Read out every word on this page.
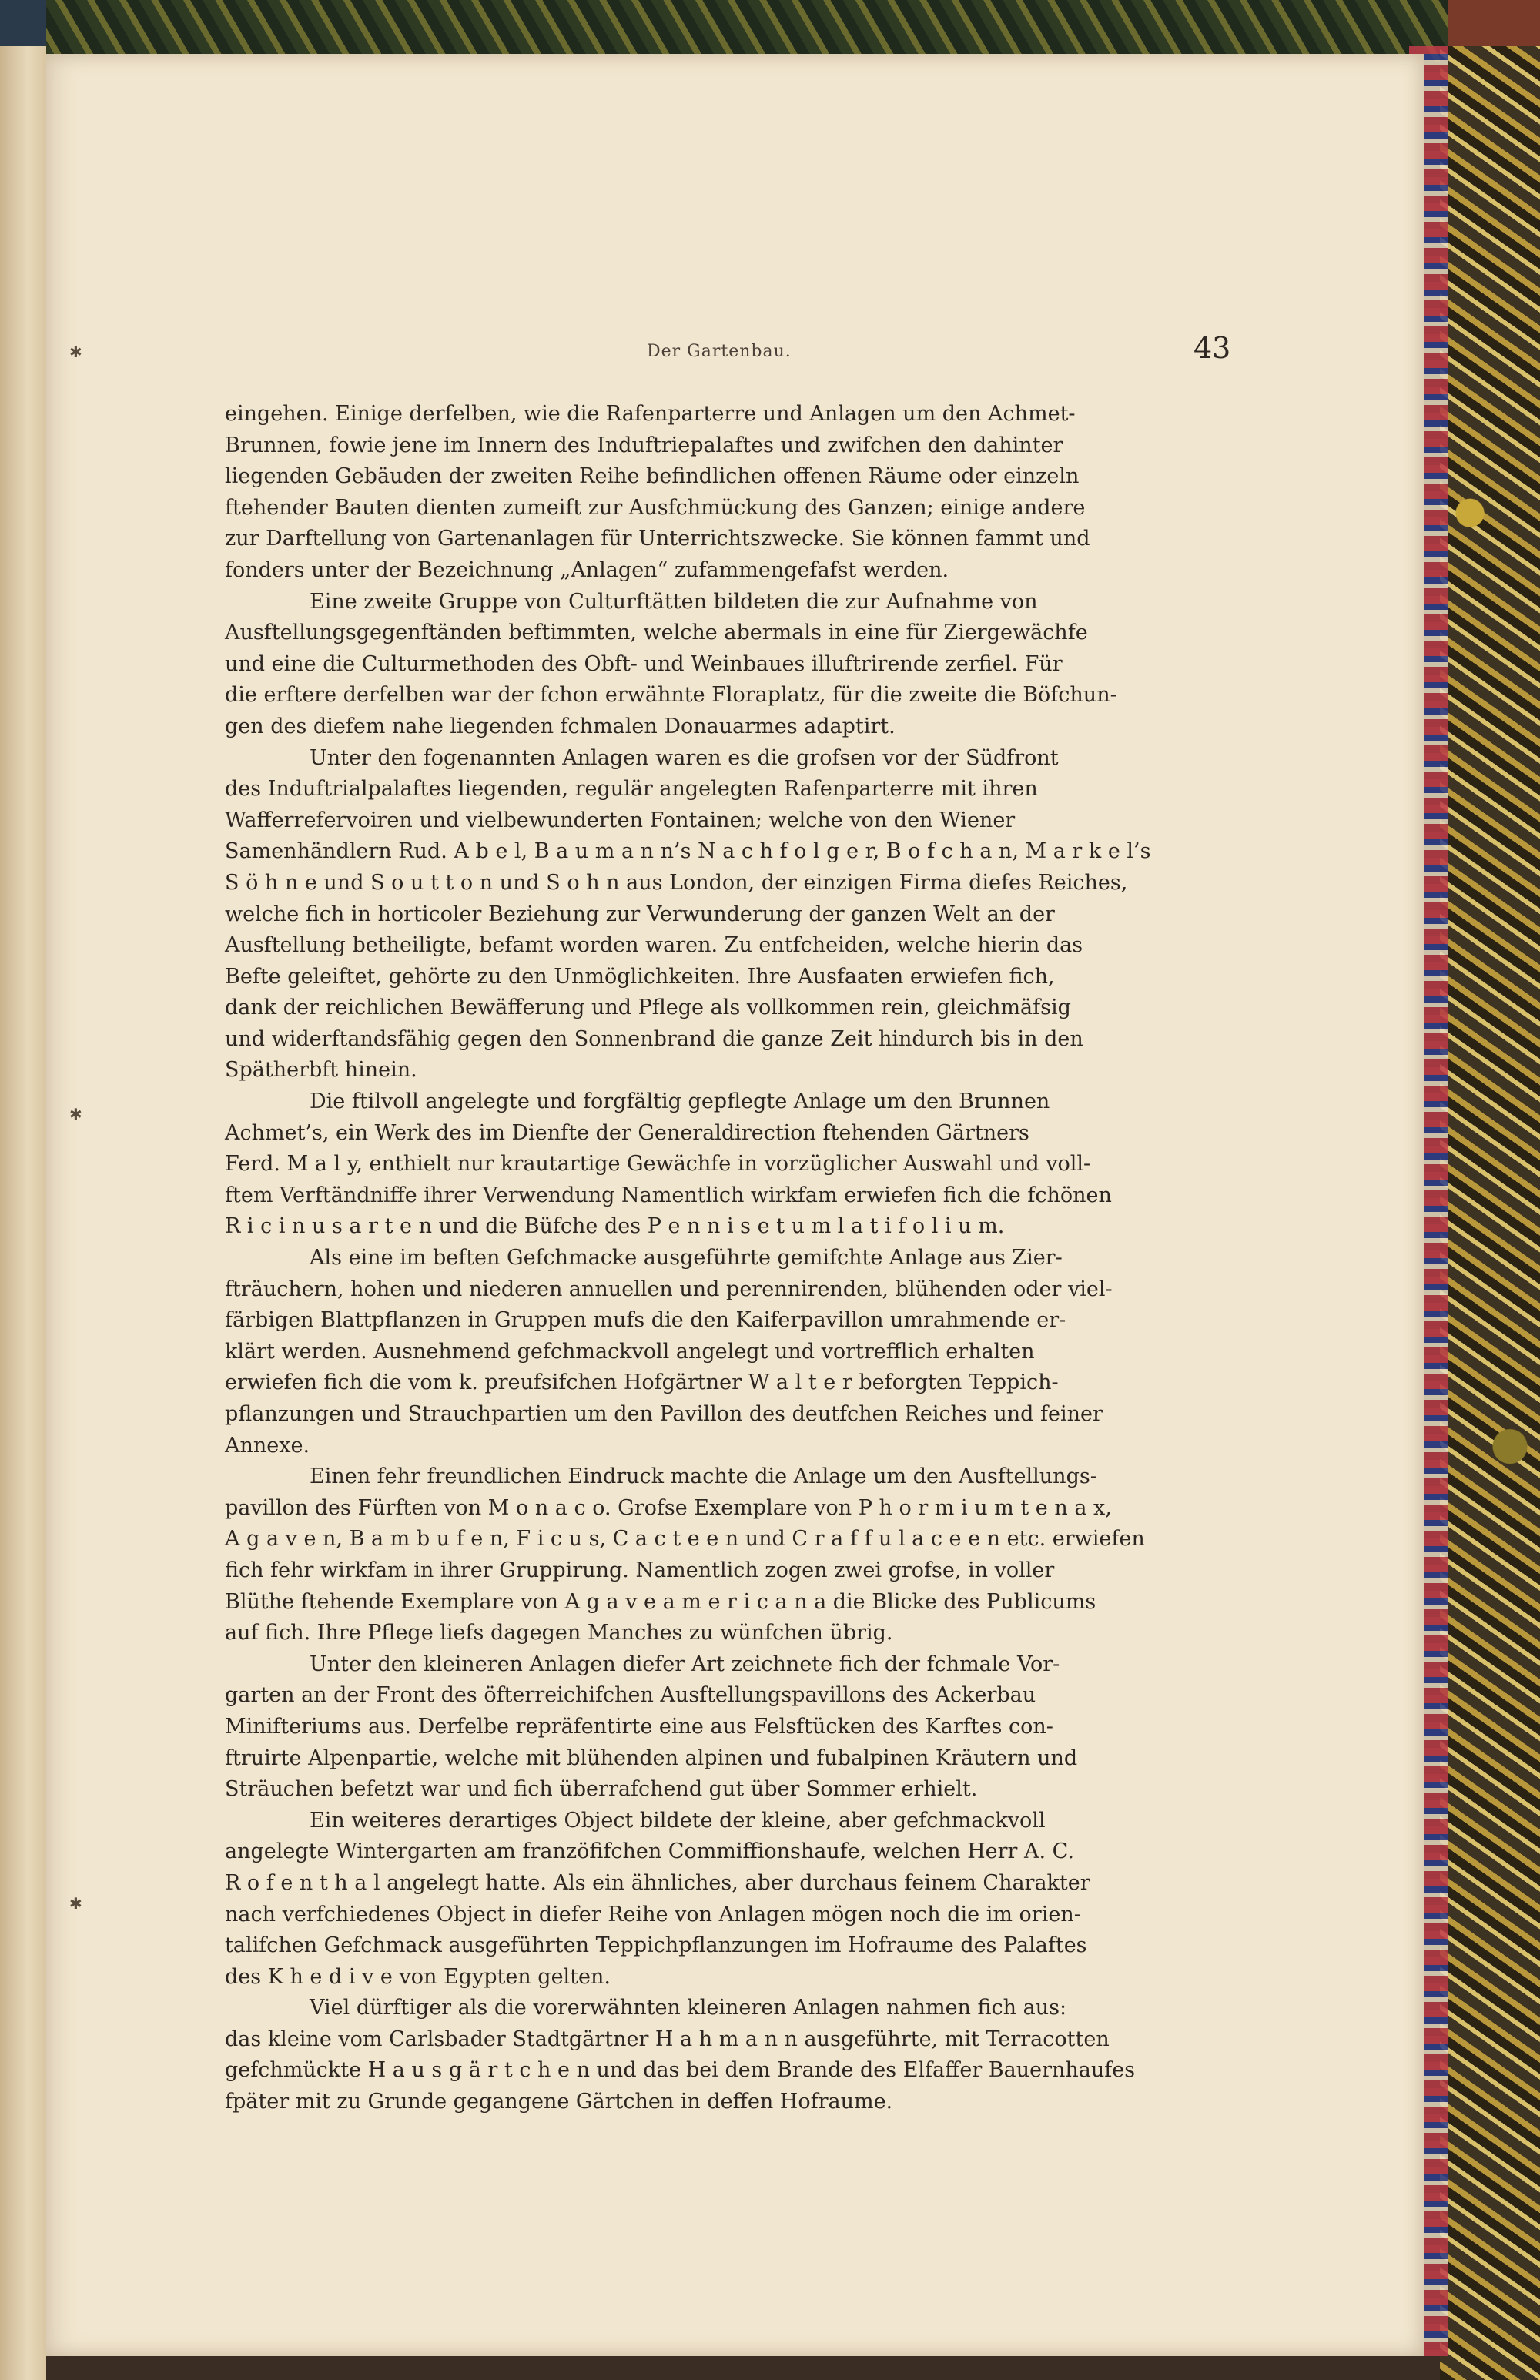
Der Gartenbau.	43

eingehen. Einige derfelben, wie die Rafenparterre und Anlagen um den Achmet-
Brunnen, fowie jene im Innern des Induftriepalaftes und zwifchen den dahinter
liegenden Gebäuden der zweiten Reihe befindlichen offenen Räume oder einzeln
ftehender Bauten dienten zumeift zur Ausfchmückung des Ganzen; einige andere
zur Darftellung von Gartenanlagen für Unterrichtszwecke. Sie können fammt und
fonders unter der Bezeichnung „Anlagen“ zufammengefafst werden.

Eine zweite Gruppe von Culturftätten bildeten die zur Aufnahme von
Ausftellungsgegenftänden beftimmten, welche abermals in eine für Ziergewächfe
und eine die Culturmethoden des Obft- und Weinbaues illuftrirende zerfiel. Für
die erftere derfelben war der fchon erwähnte Floraplatz, für die zweite die Böfchun-
gen des diefem nahe liegenden fchmalen Donauarmes adaptirt.

Unter den fogenannten Anlagen waren es die grofsen vor der Südfront
des Induftrialpalaftes liegenden, regulär angelegten Rafenparterre mit ihren
Wafferrefervoiren und vielbewunderten Fontainen; welche von den Wiener
Samenhändlern Rud. A b e l, B a u m a n n’s N a c h f o l g e r, B o f c h a n, M a r k e l’s
S ö h n e und S o u t t o n und S o h n aus London, der einzigen Firma diefes Reiches,
welche fich in horticoler Beziehung zur Verwunderung der ganzen Welt an der
Ausftellung betheiligte, befamt worden waren. Zu entfcheiden, welche hierin das
Befte geleiftet, gehörte zu den Unmöglichkeiten. Ihre Ausfaaten erwiefen fich,
dank der reichlichen Bewäfferung und Pflege als vollkommen rein, gleichmäfsig
und widerftandsfähig gegen den Sonnenbrand die ganze Zeit hindurch bis in den
Spätherbft hinein.

Die ftilvoll angelegte und forgfältig gepflegte Anlage um den Brunnen
Achmet’s, ein Werk des im Dienfte der Generaldirection ftehenden Gärtners
Ferd. M a l y, enthielt nur krautartige Gewächfe in vorzüglicher Auswahl und voll-
ftem Verftändniffe ihrer Verwendung Namentlich wirkfam erwiefen fich die fchönen
R i c i n u s a r t e n und die Büfche des P e n n i s e t u m l a t i f o l i u m.

Als eine im beften Gefchmacke ausgeführte gemifchte Anlage aus Zier-
fträuchern, hohen und niederen annuellen und perennirenden, blühenden oder viel-
färbigen Blattpflanzen in Gruppen mufs die den Kaiferpavillon umrahmende er-
klärt werden. Ausnehmend gefchmackvoll angelegt und vortrefflich erhalten
erwiefen fich die vom k. preufsifchen Hofgärtner W a l t e r beforgten Teppich-
pflanzungen und Strauchpartien um den Pavillon des deutfchen Reiches und feiner
Annexe.

Einen fehr freundlichen Eindruck machte die Anlage um den Ausftellungs-
pavillon des Fürften von M o n a c o. Grofse Exemplare von P h o r m i u m t e n a x,
A g a v e n, B a m b u f e n, F i c u s, C a c t e e n und C r a f f u l a c e e n etc. erwiefen
fich fehr wirkfam in ihrer Gruppirung. Namentlich zogen zwei grofse, in voller
Blüthe ftehende Exemplare von A g a v e a m e r i c a n a die Blicke des Publicums
auf fich. Ihre Pflege liefs dagegen Manches zu wünfchen übrig.

Unter den kleineren Anlagen diefer Art zeichnete fich der fchmale Vor-
garten an der Front des öfterreichifchen Ausftellungspavillons des Ackerbau
Minifteriums aus. Derfelbe repräfentirte eine aus Felsftücken des Karftes con-
ftruirte Alpenpartie, welche mit blühenden alpinen und fubalpinen Kräutern und
Sträuchen befetzt war und fich überrafchend gut über Sommer erhielt.

Ein weiteres derartiges Object bildete der kleine, aber gefchmackvoll
angelegte Wintergarten am franzöfifchen Commiffionshaufe, welchen Herr A. C.
R o f e n t h a l angelegt hatte. Als ein ähnliches, aber durchaus feinem Charakter
nach verfchiedenes Object in diefer Reihe von Anlagen mögen noch die im orien-
talifchen Gefchmack ausgeführten Teppichpflanzungen im Hofraume des Palaftes
des K h e d i v e von Egypten gelten.

Viel dürftiger als die vorerwähnten kleineren Anlagen nahmen fich aus:
das kleine vom Carlsbader Stadtgärtner H a h m a n n ausgeführte, mit Terracotten
gefchmückte H a u s g ä r t c h e n und das bei dem Brande des Elfaffer Bauernhaufes
fpäter mit zu Grunde gegangene Gärtchen in deffen Hofraume.

✱
✱
✱
